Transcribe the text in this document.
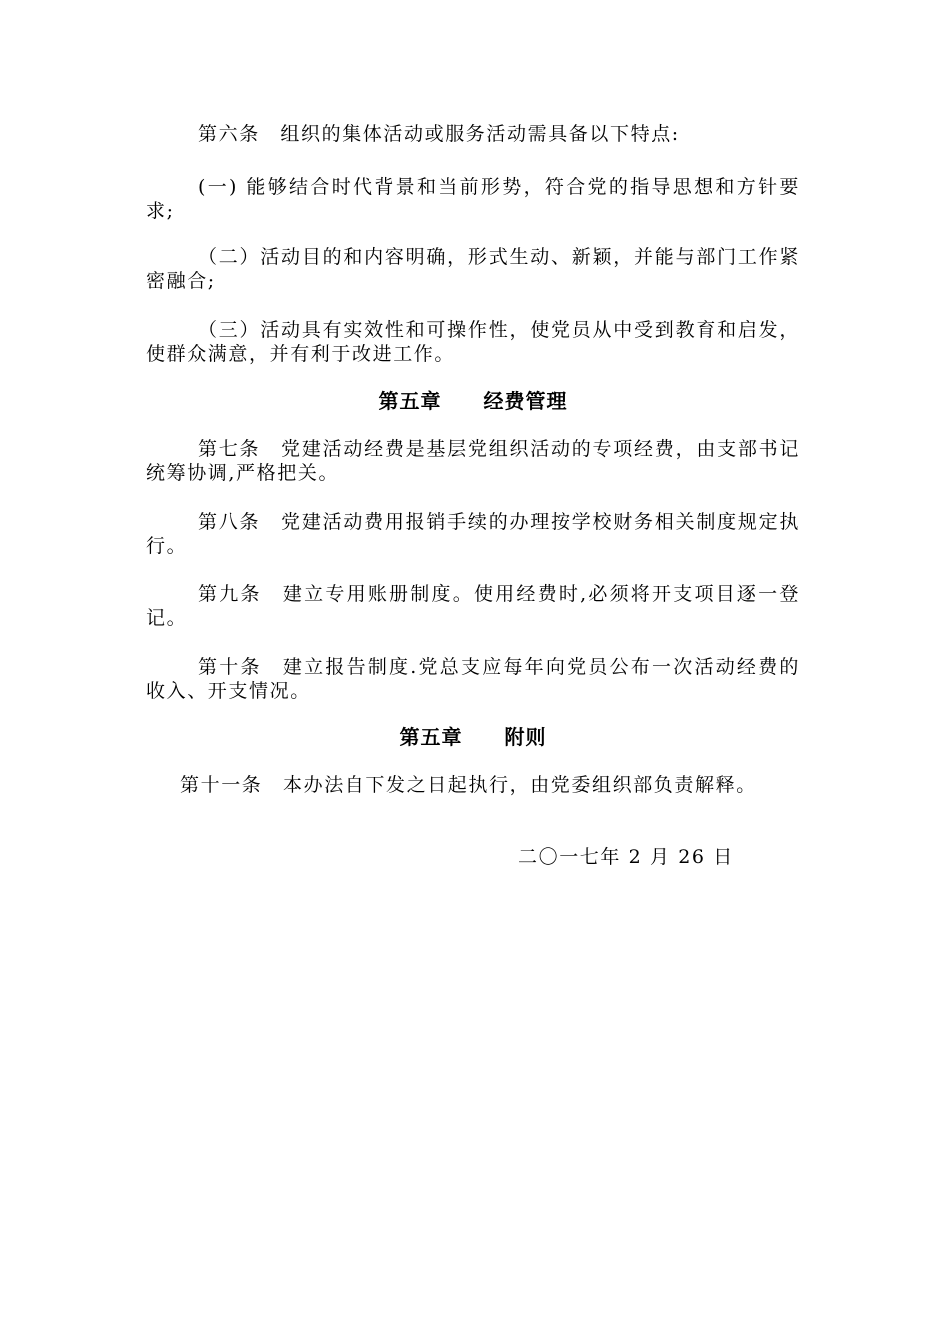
第六条　组织的集体活动或服务活动需具备以下特点:

(一) 能够结合时代背景和当前形势，符合党的指导思想和方针要求;

（二）活动目的和内容明确，形式生动、新颖，并能与部门工作紧密融合;

（三）活动具有实效性和可操作性，使党员从中受到教育和启发，使群众满意，并有利于改进工作。

第五章　　经费管理

第七条　党建活动经费是基层党组织活动的专项经费，由支部书记统筹协调,严格把关。

第八条　党建活动费用报销手续的办理按学校财务相关制度规定执行。

第九条　建立专用账册制度。使用经费时,必须将开支项目逐一登记。

第十条　建立报告制度.党总支应每年向党员公布一次活动经费的收入、开支情况。

第五章　　附则

第十一条　本办法自下发之日起执行，由党委组织部负责解释。

二〇一七年 2 月 26 日
